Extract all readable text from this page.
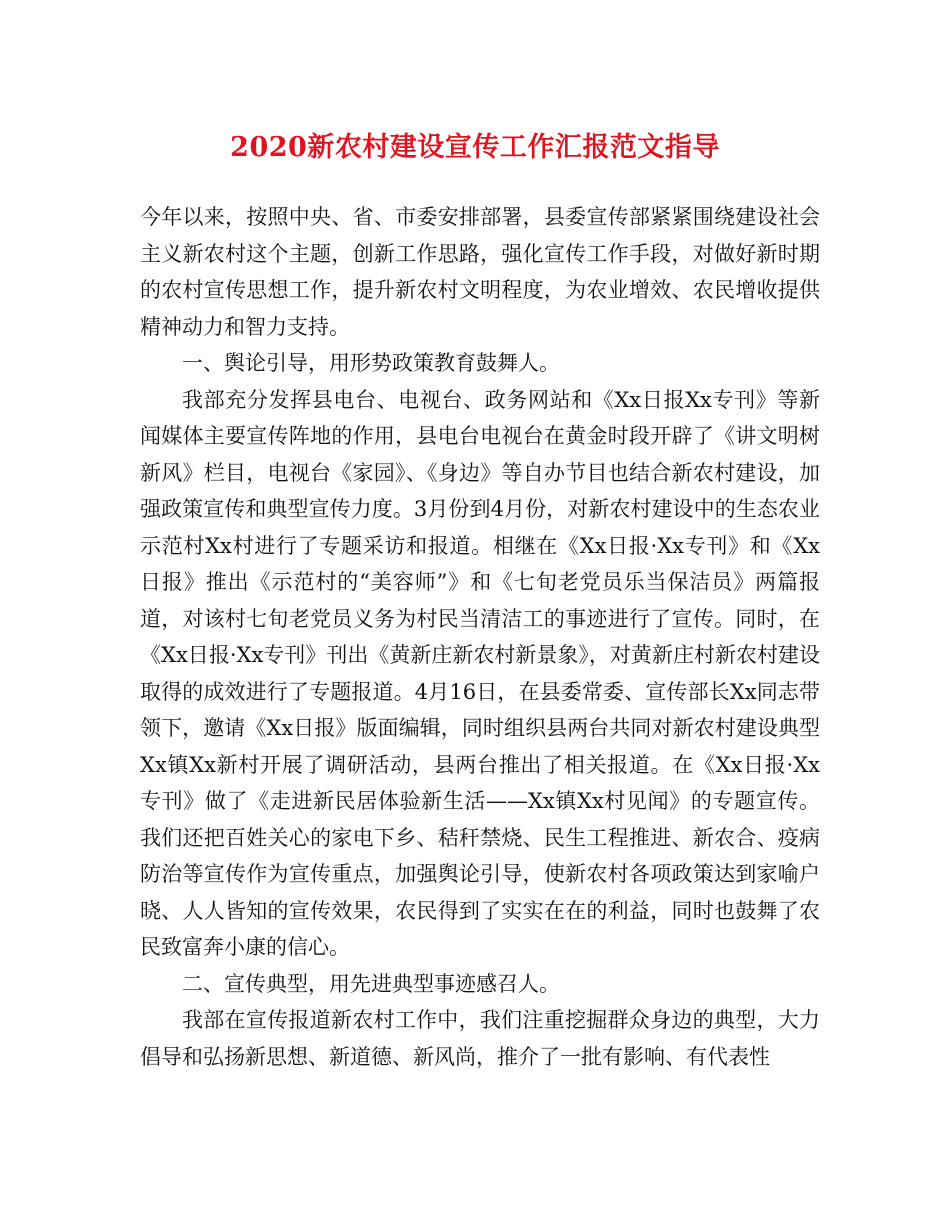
2020新农村建设宣传工作汇报范文指导

今年以来，按照中央、省、市委安排部署，县委宣传部紧紧围绕建设社会主义新农村这个主题，创新工作思路，强化宣传工作手段，对做好新时期的农村宣传思想工作，提升新农村文明程度，为农业增效、农民增收提供精神动力和智力支持。

一、舆论引导，用形势政策教育鼓舞人。

我部充分发挥县电台、电视台、政务网站和《Xx日报Xx专刊》等新闻媒体主要宣传阵地的作用，县电台电视台在黄金时段开辟了《讲文明树新风》栏目，电视台《家园》、《身边》等自办节目也结合新农村建设，加强政策宣传和典型宣传力度。3月份到4月份，对新农村建设中的生态农业示范村Xx村进行了专题采访和报道。相继在《Xx日报·Xx专刊》和《Xx日报》推出《示范村的“美容师”》和《七旬老党员乐当保洁员》两篇报道，对该村七旬老党员义务为村民当清洁工的事迹进行了宣传。同时，在《Xx日报·Xx专刊》刊出《黄新庄新农村新景象》，对黄新庄村新农村建设取得的成效进行了专题报道。4月16日，在县委常委、宣传部长Xx同志带领下，邀请《Xx日报》版面编辑，同时组织县两台共同对新农村建设典型Xx镇Xx新村开展了调研活动，县两台推出了相关报道。在《Xx日报·Xx专刊》做了《走进新民居体验新生活——Xx镇Xx村见闻》的专题宣传。我们还把百姓关心的家电下乡、秸秆禁烧、民生工程推进、新农合、疫病防治等宣传作为宣传重点，加强舆论引导，使新农村各项政策达到家喻户晓、人人皆知的宣传效果，农民得到了实实在在的利益，同时也鼓舞了农民致富奔小康的信心。

二、宣传典型，用先进典型事迹感召人。

我部在宣传报道新农村工作中，我们注重挖掘群众身边的典型，大力倡导和弘扬新思想、新道德、新风尚，推介了一批有影响、有代表性
